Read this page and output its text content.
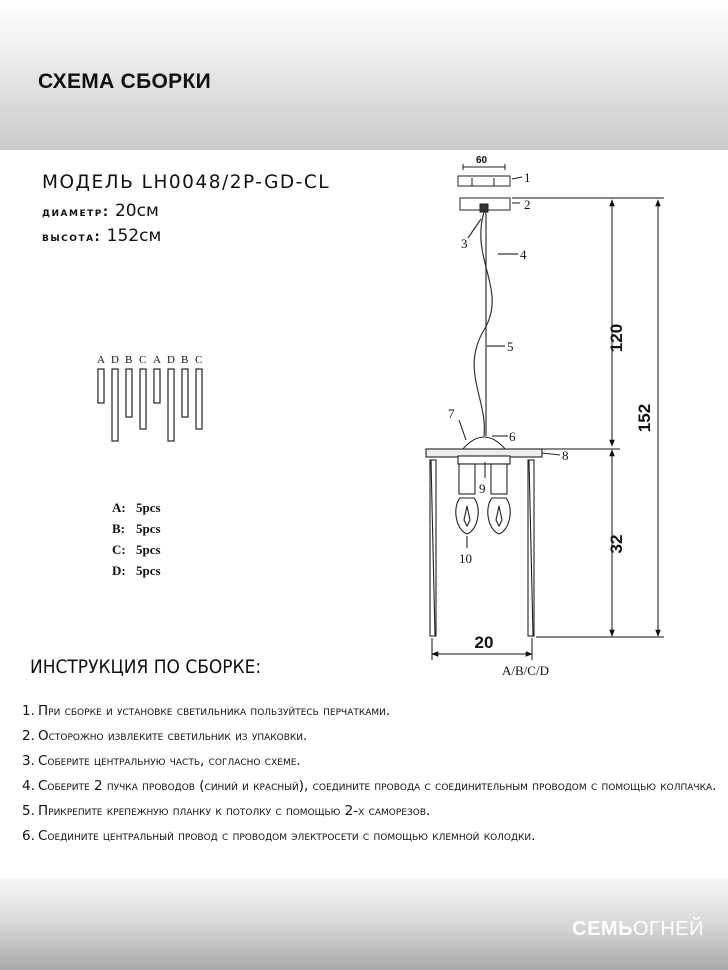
СХЕМА СБОРКИ
МОДЕЛЬ LH0048/2P-GD-CL
диаметр: 20см
высота: 152см
A D B C A D B C
60
1
2
3
4
5
6
7
8
9
10
120
152
32
20
A/B/C/D
A: 5pcs
B: 5pcs
C: 5pcs
D: 5pcs
ИНСТРУКЦИЯ ПО СБОРКЕ:
1. При сборке и установке светильника пользуйтесь перчатками.
2. Осторожно извлеките светильник из упаковки.
3. Соберите центральную часть, согласно схеме.
4. Соберите 2 пучка проводов (синий и красный), соедините провода с соединительным проводом с помощью колпачка.
5. Прикрепите крепежную планку к потолку с помощью 2-х саморезов.
6. Соедините центральный провод с проводом электросети с помощью клемной колодки.
СЕМЬОГНЕЙ
